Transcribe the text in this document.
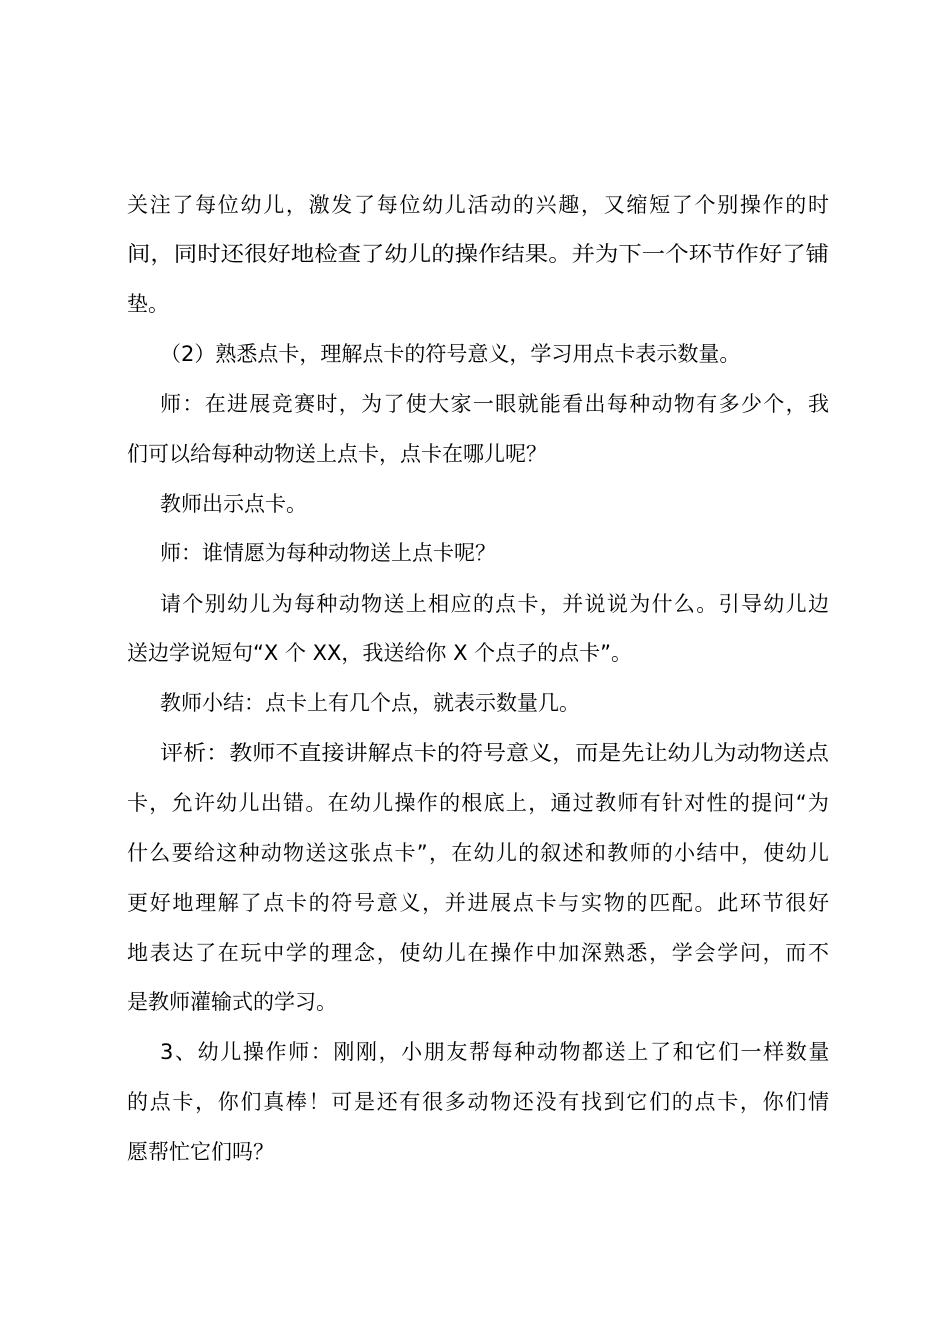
关注了每位幼儿，激发了每位幼儿活动的兴趣，又缩短了个别操作的时
间，同时还很好地检查了幼儿的操作结果。并为下一个环节作好了铺
垫。
（2）熟悉点卡，理解点卡的符号意义，学习用点卡表示数量。
师：在进展竞赛时，为了使大家一眼就能看出每种动物有多少个，我
们可以给每种动物送上点卡，点卡在哪儿呢？
教师出示点卡。
师：谁情愿为每种动物送上点卡呢？
请个别幼儿为每种动物送上相应的点卡，并说说为什么。引导幼儿边
送边学说短句“X 个 XX，我送给你 X 个点子的点卡”。
教师小结：点卡上有几个点，就表示数量几。
评析：教师不直接讲解点卡的符号意义，而是先让幼儿为动物送点
卡，允许幼儿出错。在幼儿操作的根底上，通过教师有针对性的提问“为
什么要给这种动物送这张点卡”，在幼儿的叙述和教师的小结中，使幼儿
更好地理解了点卡的符号意义，并进展点卡与实物的匹配。此环节很好
地表达了在玩中学的理念，使幼儿在操作中加深熟悉，学会学问，而不
是教师灌输式的学习。
3、幼儿操作师：刚刚，小朋友帮每种动物都送上了和它们一样数量
的点卡，你们真棒！可是还有很多动物还没有找到它们的点卡，你们情
愿帮忙它们吗？
